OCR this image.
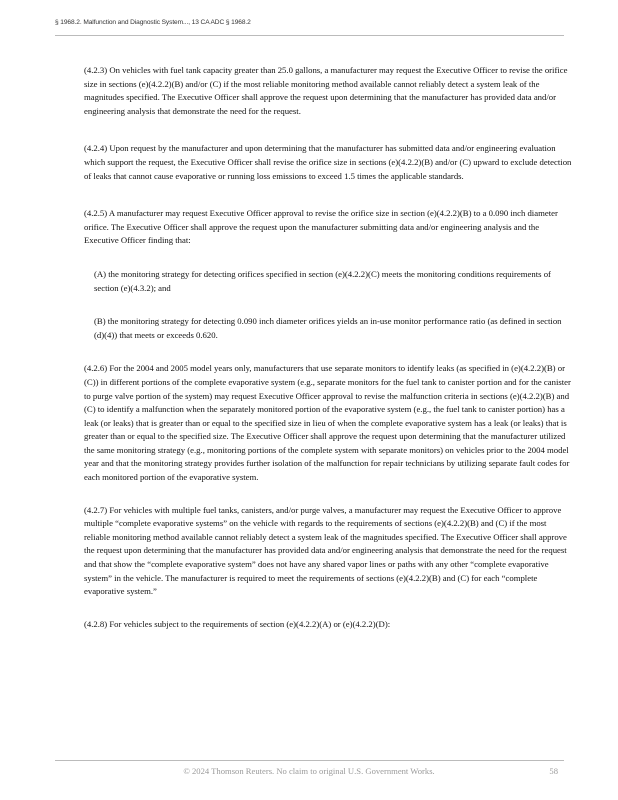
§ 1968.2. Malfunction and Diagnostic System..., 13 CA ADC § 1968.2

(4.2.3) On vehicles with fuel tank capacity greater than 25.0 gallons, a manufacturer may request the Executive Officer to revise the orifice size in sections (e)(4.2.2)(B) and/or (C) if the most reliable monitoring method available cannot reliably detect a system leak of the magnitudes specified. The Executive Officer shall approve the request upon determining that the manufacturer has provided data and/or engineering analysis that demonstrate the need for the request.

(4.2.4) Upon request by the manufacturer and upon determining that the manufacturer has submitted data and/or engineering evaluation which support the request, the Executive Officer shall revise the orifice size in sections (e)(4.2.2)(B) and/or (C) upward to exclude detection of leaks that cannot cause evaporative or running loss emissions to exceed 1.5 times the applicable standards.

(4.2.5) A manufacturer may request Executive Officer approval to revise the orifice size in section (e)(4.2.2)(B) to a 0.090 inch diameter orifice. The Executive Officer shall approve the request upon the manufacturer submitting data and/or engineering analysis and the Executive Officer finding that:

(A) the monitoring strategy for detecting orifices specified in section (e)(4.2.2)(C) meets the monitoring conditions requirements of section (e)(4.3.2); and

(B) the monitoring strategy for detecting 0.090 inch diameter orifices yields an in-use monitor performance ratio (as defined in section (d)(4)) that meets or exceeds 0.620.

(4.2.6) For the 2004 and 2005 model years only, manufacturers that use separate monitors to identify leaks (as specified in (e)(4.2.2)(B) or (C)) in different portions of the complete evaporative system (e.g., separate monitors for the fuel tank to canister portion and for the canister to purge valve portion of the system) may request Executive Officer approval to revise the malfunction criteria in sections (e)(4.2.2)(B) and (C) to identify a malfunction when the separately monitored portion of the evaporative system (e.g., the fuel tank to canister portion) has a leak (or leaks) that is greater than or equal to the specified size in lieu of when the complete evaporative system has a leak (or leaks) that is greater than or equal to the specified size. The Executive Officer shall approve the request upon determining that the manufacturer utilized the same monitoring strategy (e.g., monitoring portions of the complete system with separate monitors) on vehicles prior to the 2004 model year and that the monitoring strategy provides further isolation of the malfunction for repair technicians by utilizing separate fault codes for each monitored portion of the evaporative system.

(4.2.7) For vehicles with multiple fuel tanks, canisters, and/or purge valves, a manufacturer may request the Executive Officer to approve multiple “complete evaporative systems” on the vehicle with regards to the requirements of sections (e)(4.2.2)(B) and (C) if the most reliable monitoring method available cannot reliably detect a system leak of the magnitudes specified. The Executive Officer shall approve the request upon determining that the manufacturer has provided data and/or engineering analysis that demonstrate the need for the request and that show the “complete evaporative system” does not have any shared vapor lines or paths with any other “complete evaporative system” in the vehicle. The manufacturer is required to meet the requirements of sections (e)(4.2.2)(B) and (C) for each “complete evaporative system.”

(4.2.8) For vehicles subject to the requirements of section (e)(4.2.2)(A) or (e)(4.2.2)(D):

© 2024 Thomson Reuters. No claim to original U.S. Government Works.	58
